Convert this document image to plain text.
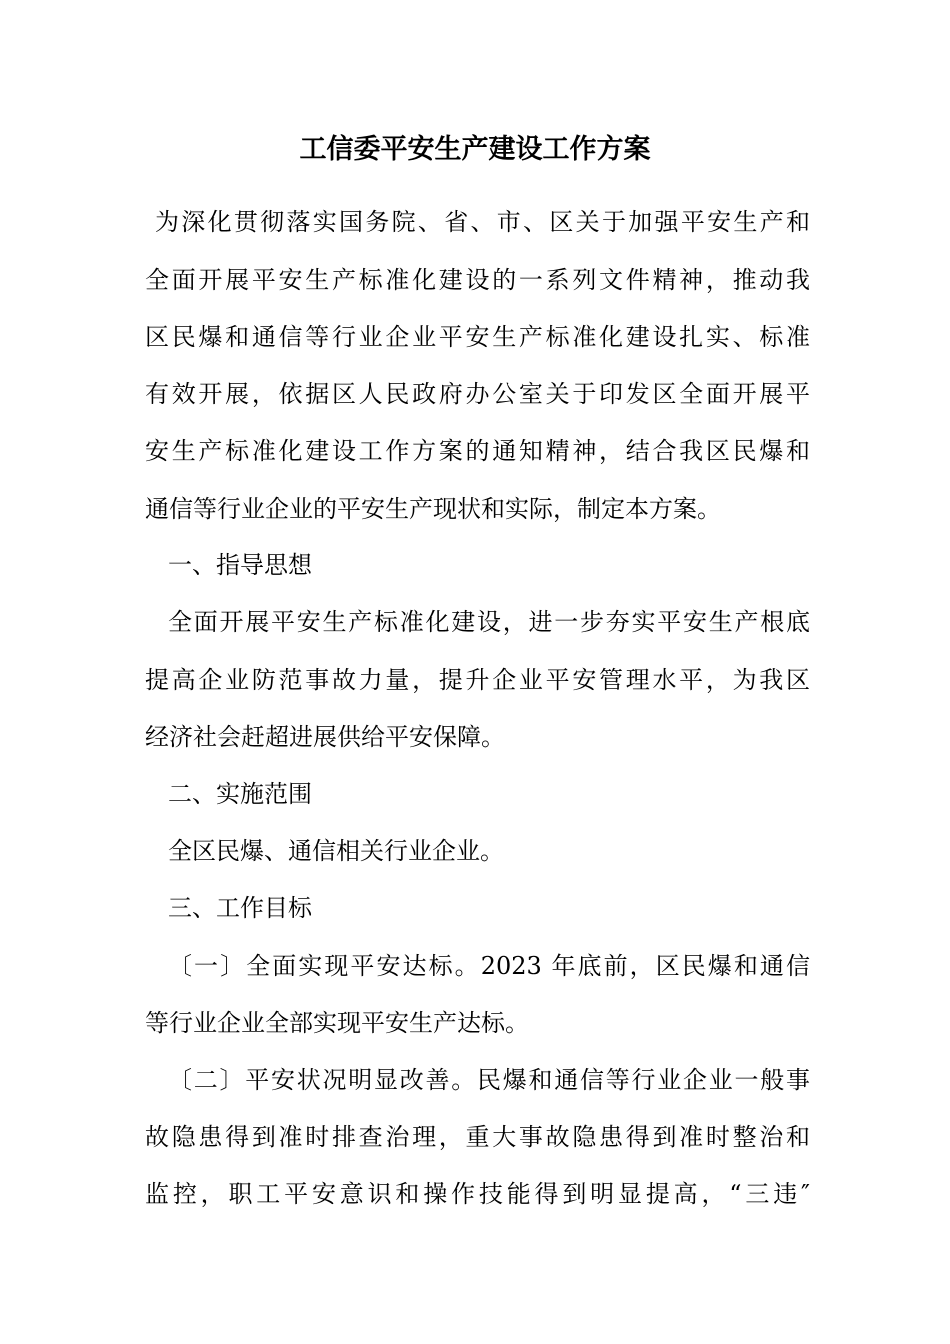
工信委平安生产建设工作方案
为深化贯彻落实国务院、省、市、区关于加强平安生产和
全面开展平安生产标准化建设的一系列文件精神，推动我
区民爆和通信等行业企业平安生产标准化建设扎实、标准
有效开展，依据区人民政府办公室关于印发区全面开展平
安生产标准化建设工作方案的通知精神，结合我区民爆和
通信等行业企业的平安生产现状和实际，制定本方案。
一、指导思想
全面开展平安生产标准化建设，进一步夯实平安生产根底
提高企业防范事故力量，提升企业平安管理水平，为我区
经济社会赶超进展供给平安保障。
二、实施范围
全区民爆、通信相关行业企业。
三、工作目标
〔一〕全面实现平安达标。2023 年底前，区民爆和通信
等行业企业全部实现平安生产达标。
〔二〕平安状况明显改善。民爆和通信等行业企业一般事
故隐患得到准时排查治理，重大事故隐患得到准时整治和
监控，职工平安意识和操作技能得到明显提高，“三违″
